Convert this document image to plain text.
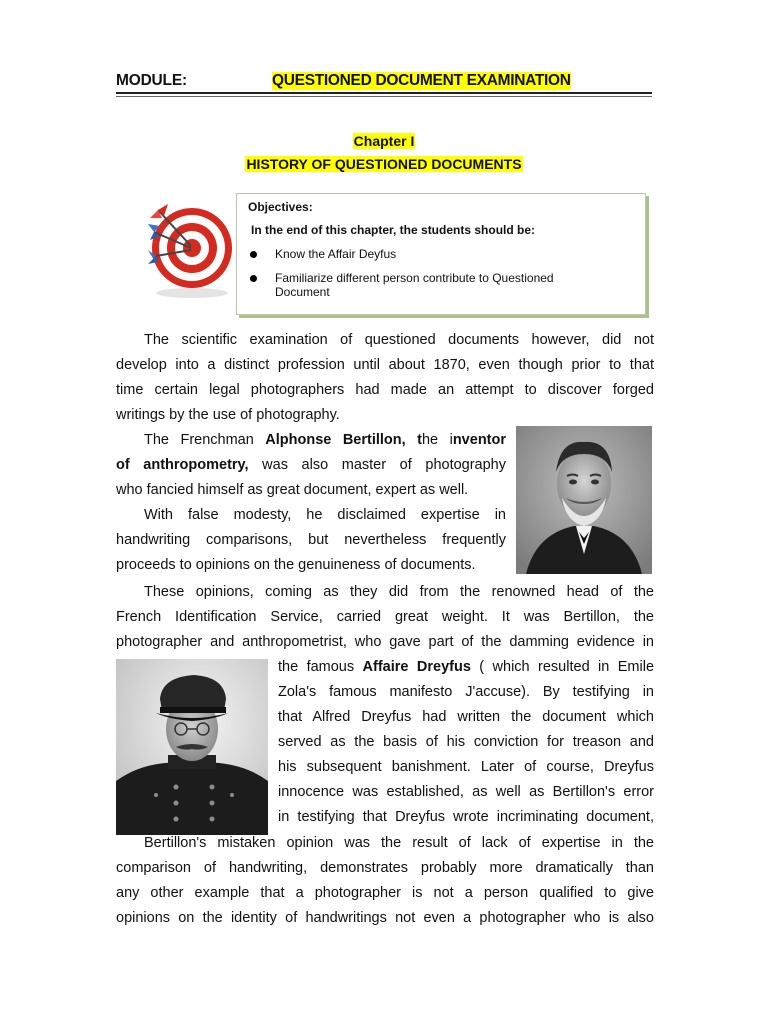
MODULE:	QUESTIONED DOCUMENT EXAMINATION
Chapter I
HISTORY OF QUESTIONED DOCUMENTS
Objectives:
In the end of this chapter, the students should be:
Know the Affair Deyfus
Familiarize different person contribute to Questioned Document
The scientific examination of questioned documents however, did not
develop into a distinct profession until about 1870, even though prior to that
time certain legal photographers had made an attempt to discover forged
writings by the use of photography.
The Frenchman Alphonse Bertillon, the inventor
of anthropometry, was also master of photography
who fancied himself as great document, expert as well.
With false modesty, he disclaimed expertise in
handwriting comparisons, but nevertheless frequently
proceeds to opinions on the genuineness of documents.
These opinions, coming as they did from the renowned head of the
French Identification Service, carried great weight. It was Bertillon, the
photographer and anthropometrist, who gave part of the damming evidence in
the famous Affaire Dreyfus ( which resulted in Emile
Zola's famous manifesto J'accuse). By testifying in
that Alfred Dreyfus had written the document which
served as the basis of his conviction for treason and
his subsequent banishment. Later of course, Dreyfus
innocence was established, as well as Bertillon's error
in testifying that Dreyfus wrote incriminating document,
Bertillon's mistaken opinion was the result of lack of expertise in the
comparison of handwriting, demonstrates probably more dramatically than
any other example that a photographer is not a person qualified to give
opinions on the identity of handwritings not even a photographer who is also
